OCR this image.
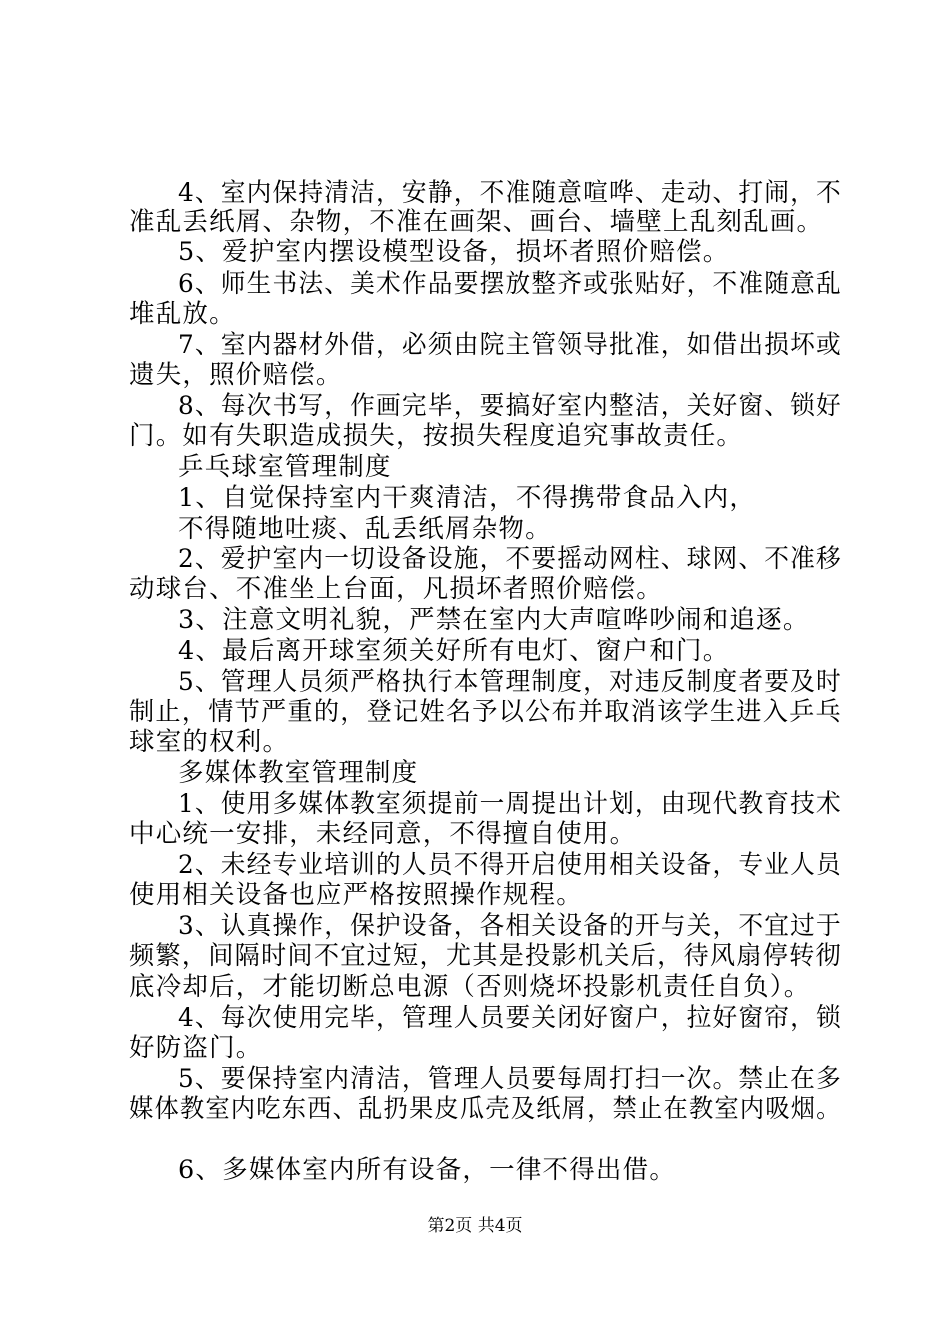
4、室内保持清洁，安静，不准随意喧哗、走动、打闹，不
准乱丢纸屑、杂物，不准在画架、画台、墙壁上乱刻乱画。
5、爱护室内摆设模型设备，损坏者照价赔偿。
6、师生书法、美术作品要摆放整齐或张贴好，不准随意乱
堆乱放。
7、室内器材外借，必须由院主管领导批准，如借出损坏或
遗失，照价赔偿。
8、每次书写，作画完毕，要搞好室内整洁，关好窗、锁好
门。如有失职造成损失，按损失程度追究事故责任。
乒乓球室管理制度
1、自觉保持室内干爽清洁，不得携带食品入内，
不得随地吐痰、乱丢纸屑杂物。
2、爱护室内一切设备设施，不要摇动网柱、球网、不准移
动球台、不准坐上台面，凡损坏者照价赔偿。
3、注意文明礼貌，严禁在室内大声喧哗吵闹和追逐。
4、最后离开球室须关好所有电灯、窗户和门。
5、管理人员须严格执行本管理制度，对违反制度者要及时
制止，情节严重的，登记姓名予以公布并取消该学生进入乒乓
球室的权利。
多媒体教室管理制度
1、使用多媒体教室须提前一周提出计划，由现代教育技术
中心统一安排，未经同意，不得擅自使用。
2、未经专业培训的人员不得开启使用相关设备，专业人员
使用相关设备也应严格按照操作规程。
3、认真操作，保护设备，各相关设备的开与关，不宜过于
频繁，间隔时间不宜过短，尤其是投影机关后，待风扇停转彻
底冷却后，才能切断总电源（否则烧坏投影机责任自负）。
4、每次使用完毕，管理人员要关闭好窗户，拉好窗帘，锁
好防盗门。
5、要保持室内清洁，管理人员要每周打扫一次。禁止在多
媒体教室内吃东西、乱扔果皮瓜壳及纸屑，禁止在教室内吸烟。
6、多媒体室内所有设备，一律不得出借。
第2页 共4页
